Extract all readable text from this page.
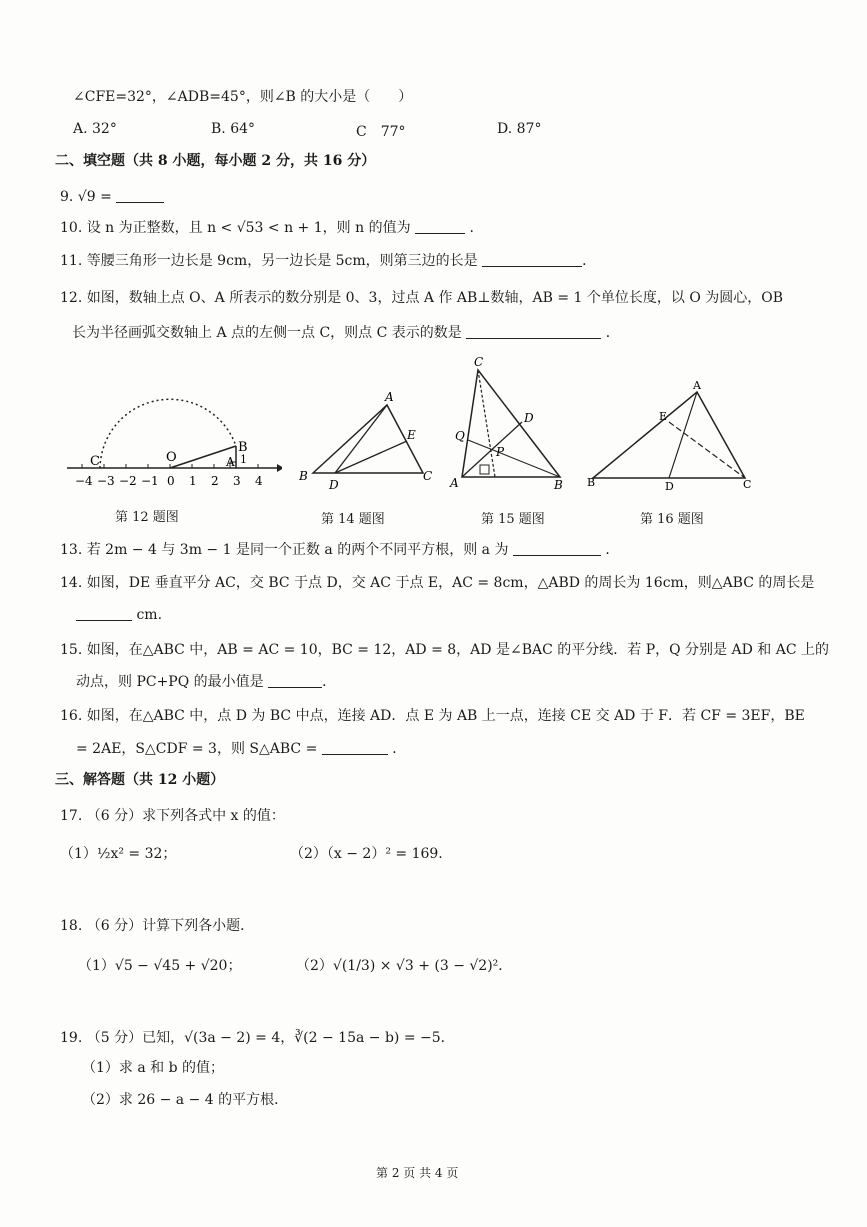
∠CFE=32°，∠ADB=45°，则∠B 的大小是（　　）
A. 32°	B. 64°	C　77°	D. 87°
二、填空题（共 8 小题，每小题 2 分，共 16 分）
9. √9 =
10. 设 n 为正整数，且 n < √53 < n + 1，则 n 的值为	.
11. 等腰三角形一边长是 9cm，另一边长是 5cm，则第三边的长是	．
12. 如图，数轴上点 O、A 所表示的数分别是 0、3，过点 A 作 AB⊥数轴，AB = 1 个单位长度，以 O 为圆心，OB
长为半径画弧交数轴上 A 点的左侧一点 C，则点 C 表示的数是	．
C	O	A
B
1
−4 −3 −2 −1 0 1 2 3 4
A
B	C
D
E
C
D
Q
P
A	B
A
B	C
D
E
第 12 题图	第 14 题图	第 15 题图	第 16 题图
13. 若 2m − 4 与 3m − 1 是同一个正数 a 的两个不同平方根，则 a 为	．
14. 如图，DE 垂直平分 AC，交 BC 于点 D，交 AC 于点 E，AC = 8cm，△ABD 的周长为 16cm，则△ABC 的周长是
cm.
15. 如图，在△ABC 中，AB = AC = 10，BC = 12，AD = 8，AD 是∠BAC 的平分线．若 P，Q 分别是 AD 和 AC 上的
动点，则 PC+PQ 的最小值是	．
16. 如图，在△ABC 中，点 D 为 BC 中点，连接 AD．点 E 为 AB 上一点，连接 CE 交 AD 于 F．若 CF = 3EF，BE
= 2AE，S△CDF = 3，则 S△ABC =	．
三、解答题（共 12 小题）
17. （6 分）求下列各式中 x 的值：
（1）½x² = 32；	（2）（x − 2）² = 169.
18. （6 分）计算下列各小题．
（1）√5 − √45 + √20；	（2）√(1/3) × √3 + (3 − √2)²．
19. （5 分）已知，√(3a − 2) = 4，∛(2 − 15a − b) = −5．
（1）求 a 和 b 的值；
（2）求 26 − a − 4 的平方根．
第 2 页 共 4 页
